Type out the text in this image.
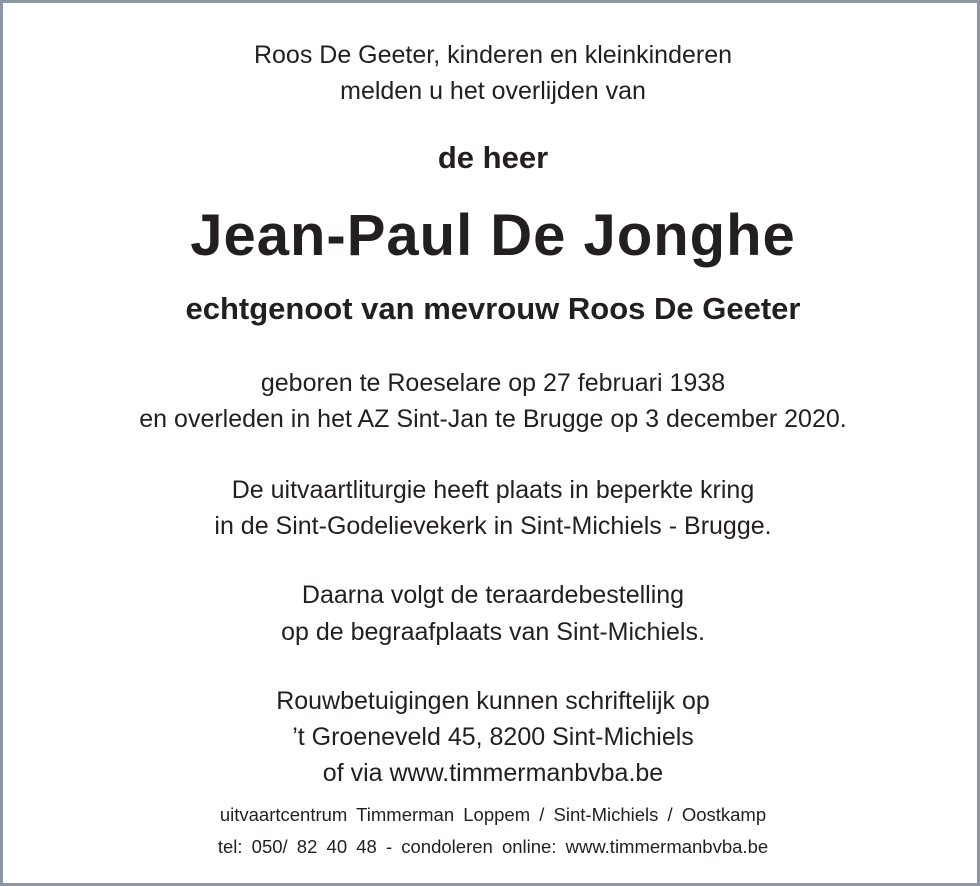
Roos De Geeter, kinderen en kleinkinderen
melden u het overlijden van
de heer
Jean-Paul De Jonghe
echtgenoot van mevrouw Roos De Geeter
geboren te Roeselare op 27 februari 1938
en overleden in het AZ Sint-Jan te Brugge op 3 december 2020.
De uitvaartliturgie heeft plaats in beperkte kring
in de Sint-Godelievekerk in Sint-Michiels - Brugge.
Daarna volgt de teraardebestelling
op de begraafplaats van Sint-Michiels.
Rouwbetuigingen kunnen schriftelijk op
’t Groeneveld 45, 8200 Sint-Michiels
of via www.timmermanbvba.be
uitvaartcentrum Timmerman Loppem / Sint-Michiels / Oostkamp
tel: 050/ 82 40 48 - condoleren online: www.timmermanbvba.be
